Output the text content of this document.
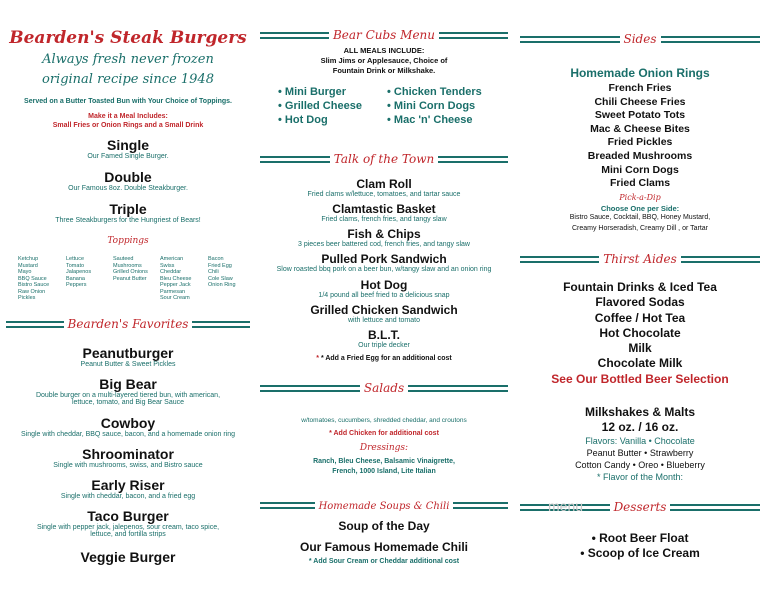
Bearden's Steak Burgers
Always fresh never frozen
original recipe since 1948
Served on a Butter Toasted Bun with Your Choice of Toppings.
Make it a Meal Includes:
Small Fries or Onion Rings and a Small Drink
Single
Our Famed Single Burger.
Double
Our Famous 8oz. Double Steakburger.
Triple
Three Steakburgers for the Hungriest of Bears!
Toppings
Ketchup
Mustard
Mayo
BBQ Sauce
Bistro Sauce
Raw Onion
Pickles
Lettuce
Tomato
Jalapenos
Banana
Peppers
Sauteed
Mushrooms
Grilled Onions
Peanut Butter
American
Swiss
Cheddar
Bleu Cheese
Pepper Jack
Parmesan
Sour Cream
Bacon
Fried Egg
Chili
Cole Slaw
Onion Ring
Bearden's Favorites
Peanutburger
Peanut Butter & Sweet Pickles
Big Bear
Double burger on a multi-layered tiered bun, with american, lettuce, tomato, and Big Bear Sauce
Cowboy
Single with cheddar, BBQ sauce, bacon, and a homemade onion ring
Shroominator
Single with mushrooms, swiss, and Bistro sauce
Early Riser
Single with cheddar, bacon, and a fried egg
Taco Burger
Single with pepper jack, jalepenos, sour cream, taco spice, lettuce, and fortilla strips
Veggie Burger
Bear Cubs Menu
ALL MEALS INCLUDE:
Slim Jims or Applesauce, Choice of
Fountain Drink or Milkshake.
• Mini Burger
• Grilled Cheese
• Hot Dog
• Chicken Tenders
• Mini Corn Dogs
• Mac 'n' Cheese
Talk of the Town
Clam Roll
Fried clams w/lettuce, tomatoes, and tartar sauce
Clamtastic Basket
Fried clams, french fries, and tangy slaw
Fish & Chips
3 pieces beer battered cod, french fries, and tangy slaw
Pulled Pork Sandwich
Slow roasted bbq pork on a beer bun, w/tangy slaw and an onion ring
Hot Dog
1/4 pound all beef fried to a delicious snap
Grilled Chicken Sandwich
with lettuce and tomato
B.L.T.
Our triple decker
* * Add a Fried Egg for an additional cost
Salads
w/tomatoes, cucumbers, shredded cheddar, and croutons
* Add Chicken for additional cost
Dressings:
Ranch, Bleu Cheese, Balsamic Vinaigrette,
French, 1000 Island, Lite Italian
Homemade Soups & Chili
Soup of the Day
Our Famous Homemade Chili
* Add Sour Cream or Cheddar additional cost
Sides
Homemade Onion Rings
French Fries
Chili Cheese Fries
Sweet Potato Tots
Mac & Cheese Bites
Fried Pickles
Breaded Mushrooms
Mini Corn Dogs
Fried Clams
Pick-a-Dip
Choose One per Side:
Bistro Sauce, Cocktail, BBQ, Honey Mustard,
Creamy Horseradish, Creamy Dill , or Tartar
Thirst Aides
Fountain Drinks & Iced Tea
Flavored Sodas
Coffee / Hot Tea
Hot Chocolate
Milk
Chocolate Milk
See Our Bottled Beer Selection
Milkshakes & Malts
12 oz. / 16 oz.
Flavors: Vanilla • Chocolate
Peanut Butter • Strawberry
Cotton Candy • Oreo • Blueberry
* Flavor of the Month:
Desserts
• Root Beer Float
• Scoop of Ice Cream
menu
